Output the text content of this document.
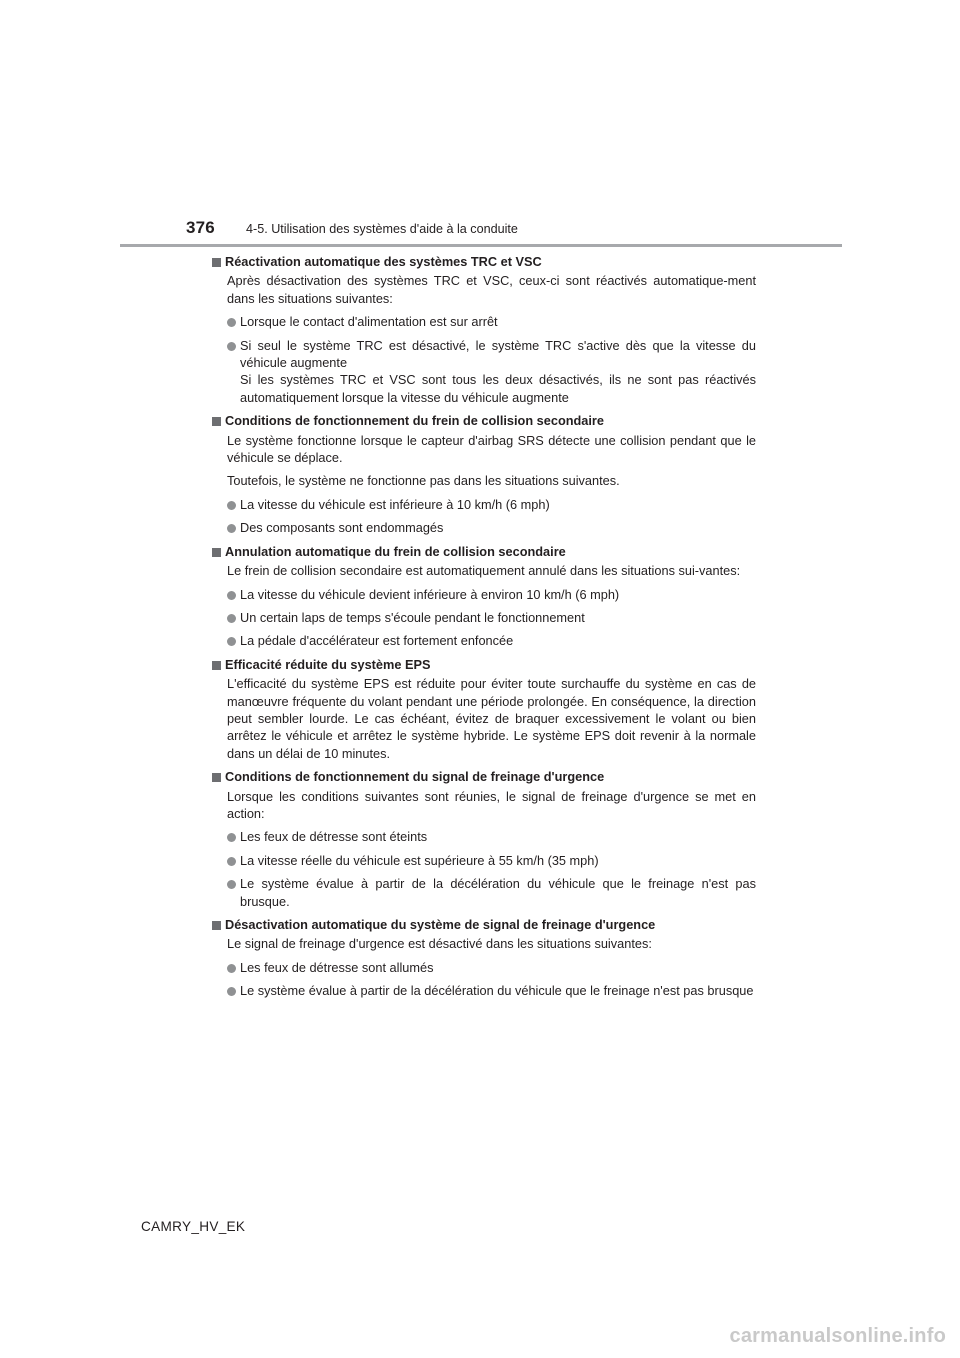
376 4-5. Utilisation des systèmes d'aide à la conduite
Réactivation automatique des systèmes TRC et VSC
Après désactivation des systèmes TRC et VSC, ceux-ci sont réactivés automatique-ment dans les situations suivantes:
Lorsque le contact d'alimentation est sur arrêt
Si seul le système TRC est désactivé, le système TRC s'active dès que la vitesse du véhicule augmente
Si les systèmes TRC et VSC sont tous les deux désactivés, ils ne sont pas réactivés automatiquement lorsque la vitesse du véhicule augmente
Conditions de fonctionnement du frein de collision secondaire
Le système fonctionne lorsque le capteur d'airbag SRS détecte une collision pendant que le véhicule se déplace.
Toutefois, le système ne fonctionne pas dans les situations suivantes.
La vitesse du véhicule est inférieure à 10 km/h (6 mph)
Des composants sont endommagés
Annulation automatique du frein de collision secondaire
Le frein de collision secondaire est automatiquement annulé dans les situations sui-vantes:
La vitesse du véhicule devient inférieure à environ 10 km/h (6 mph)
Un certain laps de temps s'écoule pendant le fonctionnement
La pédale d'accélérateur est fortement enfoncée
Efficacité réduite du système EPS
L'efficacité du système EPS est réduite pour éviter toute surchauffe du système en cas de manœuvre fréquente du volant pendant une période prolongée. En conséquence, la direction peut sembler lourde. Le cas échéant, évitez de braquer excessivement le volant ou bien arrêtez le véhicule et arrêtez le système hybride. Le système EPS doit revenir à la normale dans un délai de 10 minutes.
Conditions de fonctionnement du signal de freinage d'urgence
Lorsque les conditions suivantes sont réunies, le signal de freinage d'urgence se met en action:
Les feux de détresse sont éteints
La vitesse réelle du véhicule est supérieure à 55 km/h (35 mph)
Le système évalue à partir de la décélération du véhicule que le freinage n'est pas brusque.
Désactivation automatique du système de signal de freinage d'urgence
Le signal de freinage d'urgence est désactivé dans les situations suivantes:
Les feux de détresse sont allumés
Le système évalue à partir de la décélération du véhicule que le freinage n'est pas brusque
CAMRY_HV_EK
carmanualsonline.info
